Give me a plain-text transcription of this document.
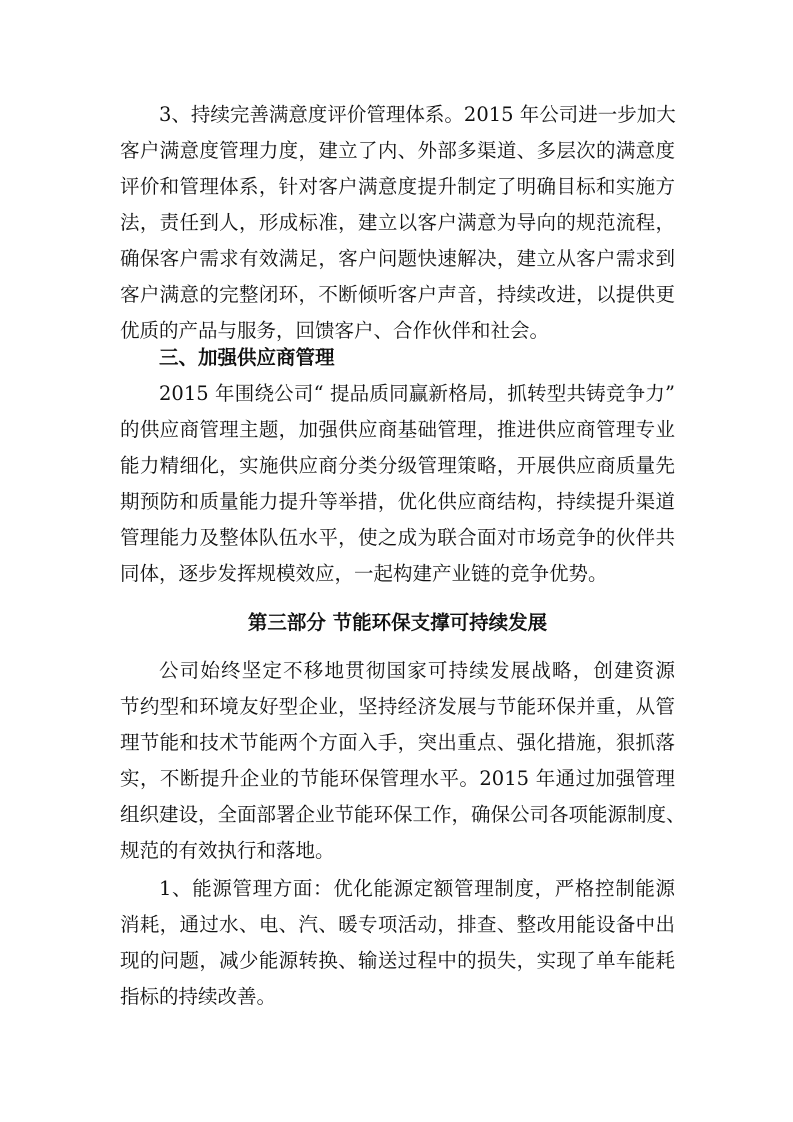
3、持续完善满意度评价管理体系。2015 年公司进一步加大
客户满意度管理力度，建立了内、外部多渠道、多层次的满意度
评价和管理体系，针对客户满意度提升制定了明确目标和实施方
法，责任到人，形成标准，建立以客户满意为导向的规范流程，
确保客户需求有效满足，客户问题快速解决，建立从客户需求到
客户满意的完整闭环，不断倾听客户声音，持续改进，以提供更
优质的产品与服务，回馈客户、合作伙伴和社会。
三、加强供应商管理
2015 年围绕公司“ 提品质同赢新格局，抓转型共铸竞争力”
的供应商管理主题，加强供应商基础管理，推进供应商管理专业
能力精细化，实施供应商分类分级管理策略，开展供应商质量先
期预防和质量能力提升等举措，优化供应商结构，持续提升渠道
管理能力及整体队伍水平，使之成为联合面对市场竞争的伙伴共
同体，逐步发挥规模效应，一起构建产业链的竞争优势。
第三部分 节能环保支撑可持续发展
公司始终坚定不移地贯彻国家可持续发展战略，创建资源
节约型和环境友好型企业，坚持经济发展与节能环保并重，从管
理节能和技术节能两个方面入手，突出重点、强化措施，狠抓落
实，不断提升企业的节能环保管理水平。2015 年通过加强管理
组织建设，全面部署企业节能环保工作，确保公司各项能源制度、
规范的有效执行和落地。
1、能源管理方面：优化能源定额管理制度，严格控制能源
消耗，通过水、电、汽、暖专项活动，排查、整改用能设备中出
现的问题，减少能源转换、输送过程中的损失，实现了单车能耗
指标的持续改善。
